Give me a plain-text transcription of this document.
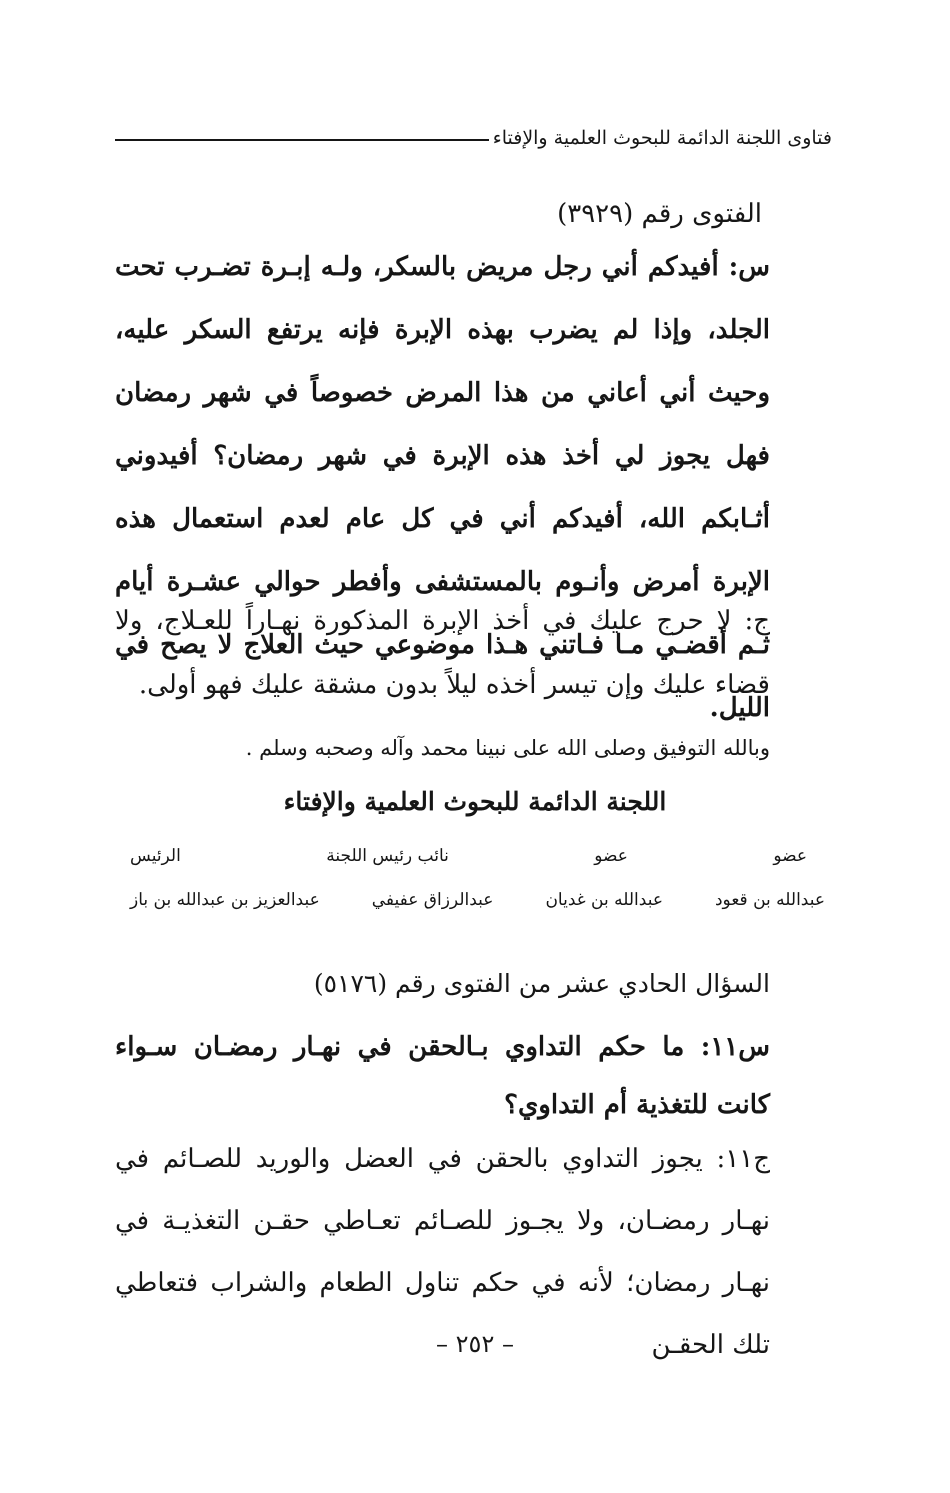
فتاوى اللجنة الدائمة للبحوث العلمية والإفتاء
الفتوى رقم (٣٩٢٩)
س: أفيدكم أني رجل مريض بالسكر، ولـه إبـرة تضـرب تحت الجلد، وإذا لم يضرب بهذه الإبرة فإنه يرتفع السكر عليه، وحيث أني أعاني من هذا المرض خصوصاً في شهر رمضان فهل يجوز لي أخذ هذه الإبرة في شهر رمضان؟ أفيدوني أثـابكم الله، أفيدكم أني في كل عام لعدم استعمال هذه الإبرة أمرض وأنـوم بالمستشفى وأفطر حوالي عشـرة أيام ثـم أقضـي مـا فـاتني هـذا موضوعي حيث العلاج لا يصح في الليل.
ج: لا حرج عليك في أخذ الإبرة المذكورة نهـاراً للعـلاج، ولا قضاء عليك وإن تيسر أخذه ليلاً بدون مشقة عليك فهو أولى.
وبالله التوفيق وصلى الله على نبينا محمد وآله وصحبه وسلم .
اللجنة الدائمة للبحوث العلمية والإفتاء
عضو
عضو
نائب رئيس اللجنة
الرئيس
عبدالله بن قعود
عبدالله بن غديان
عبدالرزاق عفيفي
عبدالعزيز بن عبدالله بن باز
السؤال الحادي عشر من الفتوى رقم (٥١٧٦)
س١١: ما حكم التداوي بـالحقن في نهـار رمضـان سـواء كانت للتغذية أم التداوي؟
ج١١: يجوز التداوي بالحقن في العضل والوريد للصـائم في نهـار رمضـان، ولا يجـوز للصـائم تعـاطي حقـن التغذيـة في نهـار رمضان؛ لأنه في حكم تناول الطعام والشراب فتعاطي تلك الحقـن
– ٢٥٢ –
